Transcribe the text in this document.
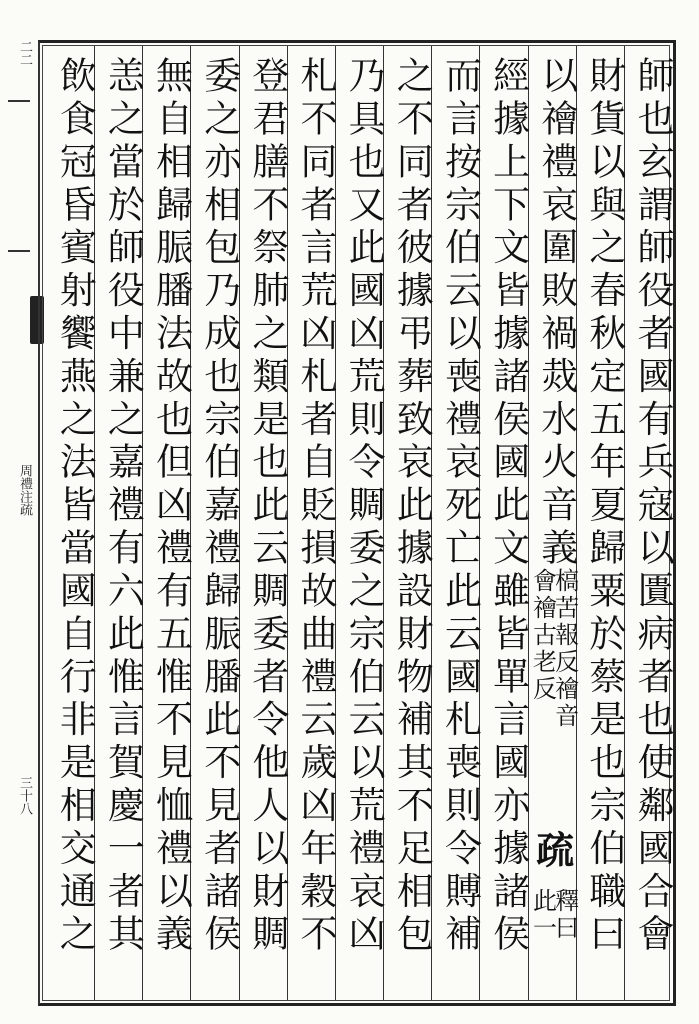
二二
周禮注疏
三十八	師也玄謂師役者國有兵寇以匱病者也使鄰國合會
財貨以與之春秋定五年夏歸粟於蔡是也宗伯職曰
以禬禮哀圍敗禍烖水火音義
槁苦報反禬音
會禬古老反
疏
釋曰
此一
經據上下文皆據諸侯國此文雖皆單言國亦據諸侯
而言按宗伯云以喪禮哀死亡此云國札喪則令賻補
之不同者彼據弔葬致哀此據設財物補其不足相包
乃具也又此國凶荒則令賙委之宗伯云以荒禮哀凶
札不同者言荒凶札者自貶損故曲禮云歲凶年穀不
登君膳不祭肺之類是也此云賙委者令他人以財賙
委之亦相包乃成也宗伯嘉禮歸脤膰此不見者諸侯
無自相歸脤膰法故也但凶禮有五惟不見恤禮以義
恙之當於師役中兼之嘉禮有六此惟言賀慶一者其
飲食冠昏賓射饗燕之法皆當國自行非是相交通之
